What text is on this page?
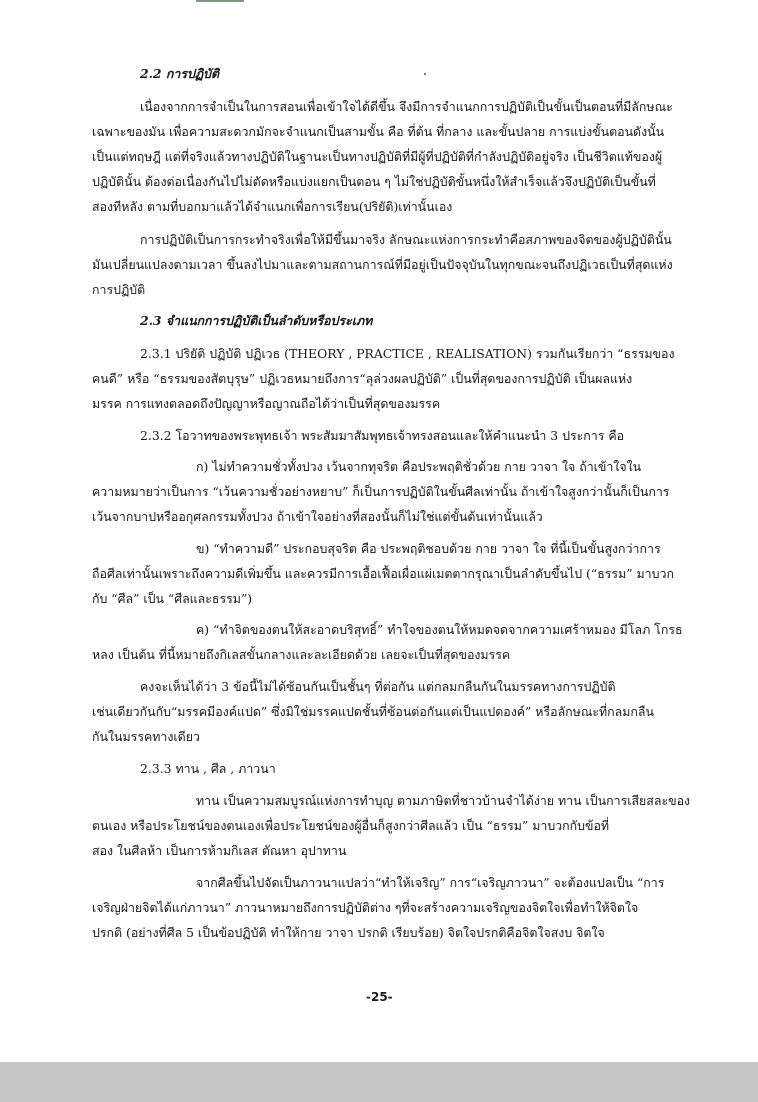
2.2 การปฏิบัติ
เนื่องจากการจำเป็นในการสอนเพื่อเข้าใจได้ดีขึ้น จึงมีการจำแนกการปฏิบัติเป็นขั้นเป็นตอนที่มีลักษณะ
เฉพาะของมัน เพื่อความสะดวกมักจะจำแนกเป็นสามขั้น คือ ที่ต้น ที่กลาง และขั้นปลาย การแบ่งขั้นตอนดังนั้น
เป็นแต่ทฤษฎี แต่ที่จริงแล้วทางปฏิบัติในฐานะเป็นทางปฏิบัติที่มีผู้ที่ปฏิบัติที่กำลังปฏิบัติอยู่จริง เป็นชีวิตแท้ของผู้
ปฏิบัตินั้น ต้องต่อเนื่องกันไปไม่ตัดหรือแบ่งแยกเป็นตอน ๆ ไม่ใช่ปฏิบัติขั้นหนึ่งให้สำเร็จแล้วจึงปฏิบัติเป็นขั้นที่
สองทีหลัง ตามที่บอกมาแล้วได้จำแนกเพื่อการเรียน(ปริยัติ)เท่านั้นเอง
การปฏิบัติเป็นการกระทำจริงเพื่อให้มีขึ้นมาจริง ลักษณะแห่งการกระทำคือสภาพของจิตของผู้ปฏิบัตินั้น
มันเปลี่ยนแปลงตามเวลา ขึ้นลงไปมาและตามสถานการณ์ที่มีอยู่เป็นปัจจุบันในทุกขณะจนถึงปฏิเวธเป็นที่สุดแห่ง
การปฏิบัติ
2.3 จำแนกการปฏิบัติเป็นลำดับหรือประเภท
2.3.1 ปริยัติ ปฏิบัติ ปฏิเวธ (THEORY , PRACTICE , REALISATION) รวมกันเรียกว่า “ธรรมของ
คนดี” หรือ “ธรรมของสัตบุรุษ” ปฏิเวธหมายถึงการ“ลุล่วงผลปฏิบัติ” เป็นที่สุดของการปฏิบัติ เป็นผลแห่ง
มรรค การแทงตลอดถึงปัญญาหรือญาณถือได้ว่าเป็นที่สุดของมรรค
2.3.2 โอวาทของพระพุทธเจ้า พระสัมมาสัมพุทธเจ้าทรงสอนและให้คำแนะนำ 3 ประการ คือ
ก) ไม่ทำความชั่วทั้งปวง เว้นจากทุจริต คือประพฤติชั่วด้วย กาย วาจา ใจ ถ้าเข้าใจใน
ความหมายว่าเป็นการ “เว้นความชั่วอย่างหยาบ” ก็เป็นการปฏิบัติในขั้นศีลเท่านั้น ถ้าเข้าใจสูงกว่านั้นก็เป็นการ
เว้นจากบาปหรืออกุศลกรรมทั้งปวง ถ้าเข้าใจอย่างที่สองนั้นก็ไม่ใช่แต่ขั้นต้นเท่านั้นแล้ว
ข) “ทำความดี” ประกอบสุจริต คือ ประพฤติชอบด้วย กาย วาจา ใจ ที่นี้เป็นขั้นสูงกว่าการ
ถือศีลเท่านั้นเพราะถึงความดีเพิ่มขึ้น และควรมีการเอื้อเฟื้อเผื่อแผ่เมตตากรุณาเป็นลำดับขึ้นไป (“ธรรม” มาบวก
กับ “ศีล” เป็น “ศีลและธรรม”)
ค) “ทำจิตของตนให้สะอาดบริสุทธิ์” ทำใจของตนให้หมดจดจากความเศร้าหมอง มีโลภ โกรธ
หลง เป็นต้น ที่นี้หมายถึงกิเลสขั้นกลางและละเอียดด้วย เลยจะเป็นที่สุดของมรรค
คงจะเห็นได้ว่า 3 ข้อนี้ไม่ได้ซ้อนกันเป็นชั้นๆ ที่ต่อกัน แต่กลมกลืนกันในมรรคทางการปฏิบัติ
เช่นเดียวกันกับ“มรรคมีองค์แปด” ซึ่งมิใช่มรรคแปดชั้นที่ซ้อนต่อกันแต่เป็นแปดองค์” หรือลักษณะที่กลมกลืน
กันในมรรคทางเดียว
2.3.3 ทาน , ศีล , ภาวนา
ทาน เป็นความสมบูรณ์แห่งการทำบุญ ตามภาษิตที่ชาวบ้านจำได้ง่าย ทาน เป็นการเสียสละของ
ตนเอง หรือประโยชน์ของตนเองเพื่อประโยชน์ของผู้อื่นก็สูงกว่าศีลแล้ว เป็น “ธรรม” มาบวกกับข้อที่
สอง ในศีลห้า เป็นการห้ามกิเลส ตัณหา อุปาทาน
จากศีลขึ้นไปจัดเป็นภาวนาแปลว่า“ทำให้เจริญ” การ“เจริญภาวนา” จะต้องแปลเป็น “การ
เจริญฝ่ายจิตได้แก่ภาวนา” ภาวนาหมายถึงการปฏิบัติต่าง ๆที่จะสร้างความเจริญของจิตใจเพื่อทำให้จิตใจ
ปรกติ (อย่างที่ศีล 5 เป็นข้อปฏิบัติ ทำให้กาย วาจา ปรกติ เรียบร้อย) จิตใจปรกติคือจิตใจสงบ จิตใจ
-25-
